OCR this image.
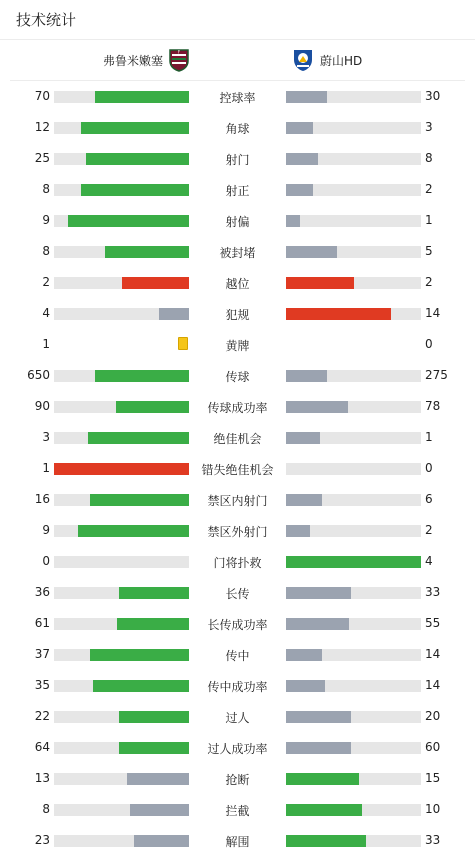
技术统计
弗鲁米嫩塞
F
蔚山HD
70	控球率	30
12	角球	3
25	射门	8
8	射正	2
9	射偏	1
8	被封堵	5
2	越位	2
4	犯规	14
1	黄牌	0
650	传球	275
90	传球成功率	78
3	绝佳机会	1
1	错失绝佳机会	0
16	禁区内射门	6
9	禁区外射门	2
0	门将扑救	4
36	长传	33
61	长传成功率	55
37	传中	14
35	传中成功率	14
22	过人	20
64	过人成功率	60
13	抢断	15
8	拦截	10
23	解围	33
